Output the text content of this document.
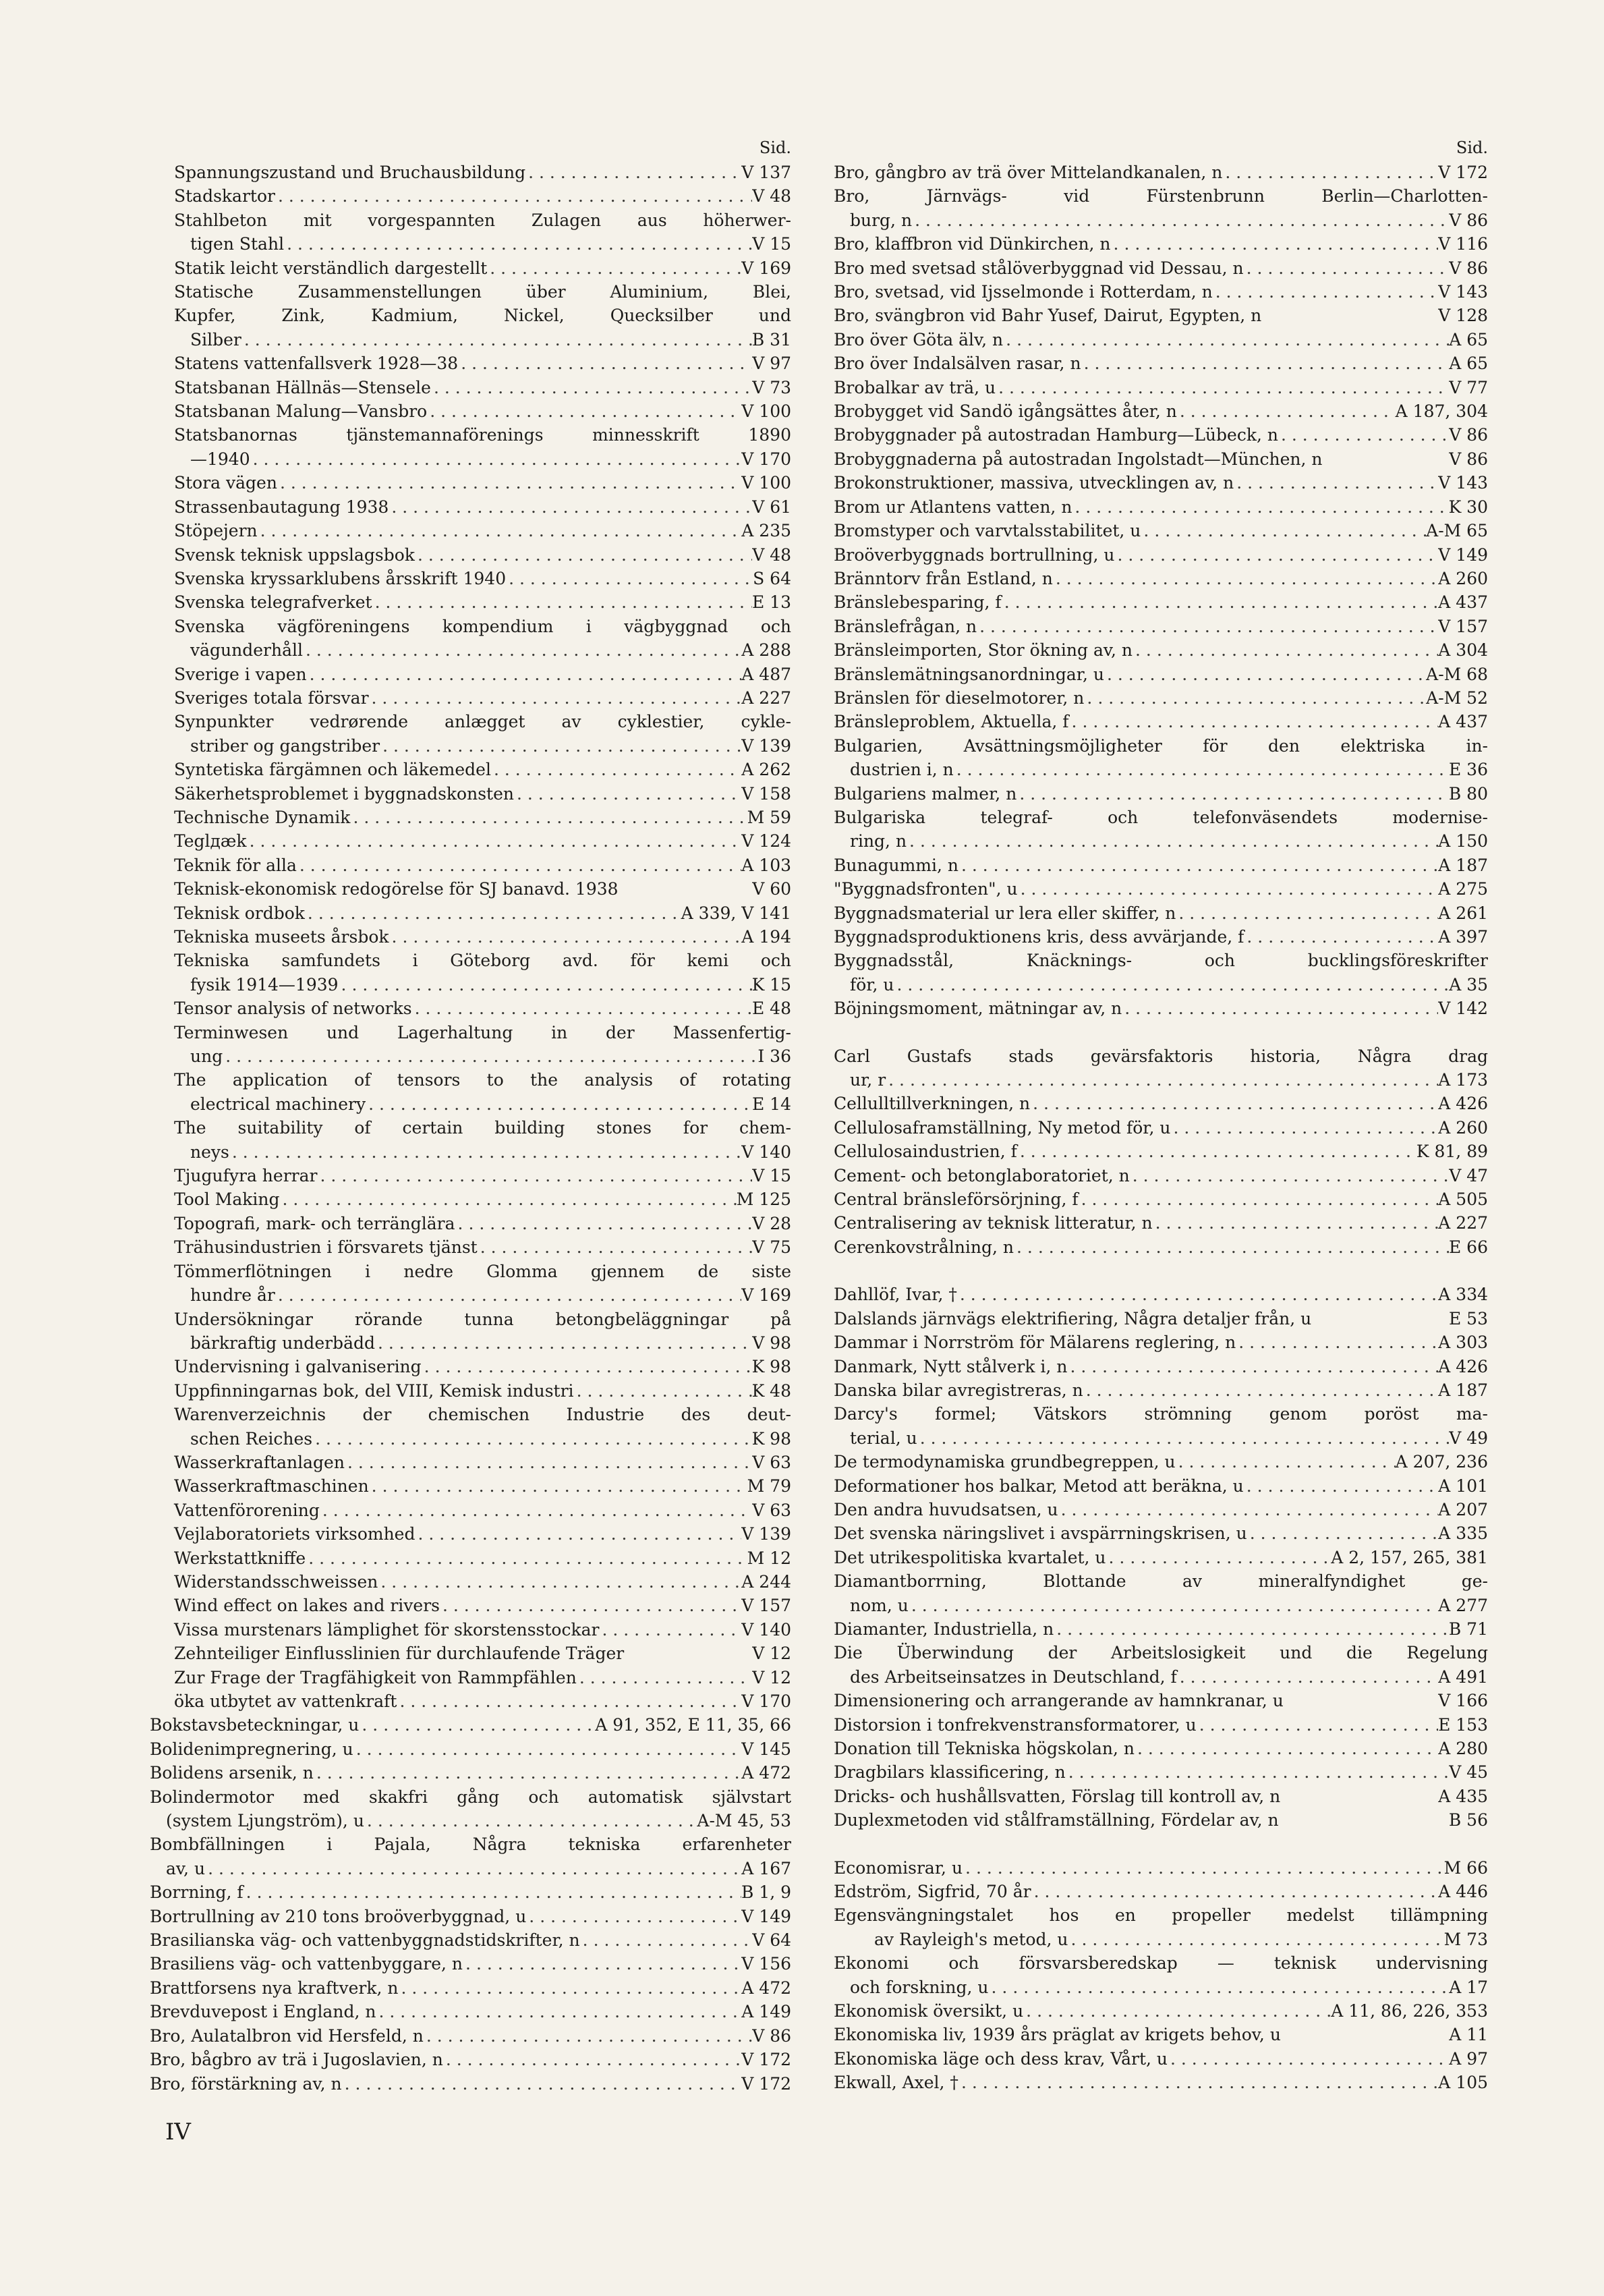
Sid.
Spannungszustand und Bruchausbildung . . .	V 137
Stadskartor . . .	V 48
Stahlbeton mit vorgespannten Zulagen aus höherwer-
tigen Stahl . . .	V 15
Statik leicht verständlich dargestellt . . .	V 169
Statische Zusammenstellungen über Aluminium, Blei,
Kupfer, Zink, Kadmium, Nickel, Quecksilber und
Silber . . .	B 31
Statens vattenfallsverk 1928—38 . . .	V 97
Statsbanan Hällnäs—Stensele . . .	V 73
Statsbanan Malung—Vansbro . . .	V 100
Statsbanornas tjänstemannaförenings minnesskrift 1890
—1940 . . .	V 170
Stora vägen . . .	V 100
Strassenbautagung 1938 . . .	V 61
Stöpejern . . .	A 235
Svensk teknisk uppslagsbok . . .	V 48
Svenska kryssarklubens årsskrift 1940 . . .	S 64
Svenska telegrafverket . . .	E 13
Svenska vägföreningens kompendium i vägbyggnad och
vägunderhåll . . .	A 288
Sverige i vapen . . .	A 487
Sveriges totala försvar . . .	A 227
Synpunkter vedrørende anlægget av cyklestier, cykle-
striber og gangstriber . . .	V 139
Syntetiska färgämnen och läkemedel . . .	A 262
Säkerhetsproblemet i byggnadskonsten . . .	V 158
Technische Dynamik . . .	M 59
Teglдæk . . .	V 124
Teknik för alla . . .	A 103
Teknisk-ekonomisk redogörelse för SJ banavd. 1938	V 60
Teknisk ordbok . . .	A 339, V 141
Tekniska museets årsbok . . .	A 194
Tekniska samfundets i Göteborg avd. för kemi och
fysik 1914—1939 . . .	K 15
Tensor analysis of networks . . .	E 48
Terminwesen und Lagerhaltung in der Massenfertig-
ung . . .	I 36
The application of tensors to the analysis of rotating
electrical machinery . . .	E 14
The suitability of certain building stones for chem-
neys . . .	V 140
Tjugufyra herrar . . .	V 15
Tool Making . . .	M 125
Topografi, mark- och terränglära . . .	V 28
Trähusindustrien i försvarets tjänst . . .	V 75
Tömmerflötningen i nedre Glomma gjennem de siste
hundre år . . .	V 169
Undersökningar rörande tunna betongbeläggningar på
bärkraftig underbädd . . .	V 98
Undervisning i galvanisering . . .	K 98
Uppfinningarnas bok, del VIII, Kemisk industri . . .	K 48
Warenverzeichnis der chemischen Industrie des deut-
schen Reiches . . .	K 98
Wasserkraftanlagen . . .	V 63
Wasserkraftmaschinen . . .	M 79
Vattenförorening . . .	V 63
Vejlaboratoriets virksomhed . . .	V 139
Werkstattkniffe . . .	M 12
Widerstandsschweissen . . .	A 244
Wind effect on lakes and rivers . . .	V 157
Vissa murstenars lämplighet för skorstensstockar . . .	V 140
Zehnteiliger Einflusslinien für durchlaufende Träger	V 12
Zur Frage der Tragfähigkeit von Rammpfählen . . .	V 12
öka utbytet av vattenkraft . . .	V 170
Bokstavsbeteckningar, u . . .	A 91, 352, E 11, 35, 66
Bolidenimpregnering, u . . .	V 145
Bolidens arsenik, n . . .	A 472
Bolindermotor med skakfri gång och automatisk självstart
(system Ljungström), u . . .	A-M 45, 53
Bombfällningen i Pajala, Några tekniska erfarenheter
av, u . . .	A 167
Borrning, f . . .	B 1, 9
Bortrullning av 210 tons broöverbyggnad, u . . .	V 149
Brasilianska väg- och vattenbyggnadstidskrifter, n . . .	V 64
Brasiliens väg- och vattenbyggare, n . . .	V 156
Brattforsens nya kraftverk, n . . .	A 472
Brevduvepost i England, n . . .	A 149
Bro, Aulatalbron vid Hersfeld, n . . .	V 86
Bro, bågbro av trä i Jugoslavien, n . . .	V 172
Bro, förstärkning av, n . . .	V 172
Sid.
Bro, gångbro av trä över Mittelandkanalen, n . . .	V 172
Bro, Järnvägs- vid Fürstenbrunn Berlin—Charlotten-
burg, n . . .	V 86
Bro, klaffbron vid Dünkirchen, n . . .	V 116
Bro med svetsad stålöverbyggnad vid Dessau, n . . .	V 86
Bro, svetsad, vid Ijsselmonde i Rotterdam, n . . .	V 143
Bro, svängbron vid Bahr Yusef, Dairut, Egypten, n	V 128
Bro över Göta älv, n . . .	A 65
Bro över Indalsälven rasar, n . . .	A 65
Brobalkar av trä, u . . .	V 77
Brobygget vid Sandö igångsättes åter, n . . .	A 187, 304
Brobyggnader på autostradan Hamburg—Lübeck, n . . .	V 86
Brobyggnaderna på autostradan Ingolstadt—München, n	V 86
Brokonstruktioner, massiva, utvecklingen av, n . . .	V 143
Brom ur Atlantens vatten, n . . .	K 30
Bromstyper och varvtalsstabilitet, u . . .	A-M 65
Broöverbyggnads bortrullning, u . . .	V 149
Bränntorv från Estland, n . . .	A 260
Bränslebesparing, f . . .	A 437
Bränslefrågan, n . . .	V 157
Bränsleimporten, Stor ökning av, n . . .	A 304
Bränslemätningsanordningar, u . . .	A-M 68
Bränslen för dieselmotorer, n . . .	A-M 52
Bränsleproblem, Aktuella, f . . .	A 437
Bulgarien, Avsättningsmöjligheter för den elektriska in-
dustrien i, n . . .	E 36
Bulgariens malmer, n . . .	B 80
Bulgariska telegraf- och telefonväsendets modernise-
ring, n . . .	A 150
Bunagummi, n . . .	A 187
"Byggnadsfronten", u . . .	A 275
Byggnadsmaterial ur lera eller skiffer, n . . .	A 261
Byggnadsproduktionens kris, dess avvärjande, f . . .	A 397
Byggnadsstål, Knäcknings- och bucklingsföreskrifter
för, u . . .	A 35
Böjningsmoment, mätningar av, n . . .	V 142
Carl Gustafs stads gevärsfaktoris historia, Några drag
ur, r . . .	A 173
Cellulltillverkningen, n . . .	A 426
Cellulosaframställning, Ny metod för, u . . .	A 260
Cellulosaindustrien, f . . .	K 81, 89
Cement- och betonglaboratoriet, n . . .	V 47
Central bränsleförsörjning, f . . .	A 505
Centralisering av teknisk litteratur, n . . .	A 227
Cerenkovstrålning, n . . .	E 66
Dahllöf, Ivar, † . . .	A 334
Dalslands järnvägs elektrifiering, Några detaljer från, u	E 53
Dammar i Norrström för Mälarens reglering, n . . .	A 303
Danmark, Nytt stålverk i, n . . .	A 426
Danska bilar avregistreras, n . . .	A 187
Darcy's formel; Vätskors strömning genom poröst ma-
terial, u . . .	V 49
De termodynamiska grundbegreppen, u . . .	A 207, 236
Deformationer hos balkar, Metod att beräkna, u . . .	A 101
Den andra huvudsatsen, u . . .	A 207
Det svenska näringslivet i avspärrningskrisen, u . . .	A 335
Det utrikespolitiska kvartalet, u . . .	A 2, 157, 265, 381
Diamantborrning, Blottande av mineralfyndighet ge-
nom, u . . .	A 277
Diamanter, Industriella, n . . .	B 71
Die Überwindung der Arbeitslosigkeit und die Regelung
des Arbeitseinsatzes in Deutschland, f . . .	A 491
Dimensionering och arrangerande av hamnkranar, u	V 166
Distorsion i tonfrekvenstransformatorer, u . . .	E 153
Donation till Tekniska högskolan, n . . .	A 280
Dragbilars klassificering, n . . .	V 45
Dricks- och hushållsvatten, Förslag till kontroll av, n	A 435
Duplexmetoden vid stålframställning, Fördelar av, n	B 56
Economisrar, u . . .	M 66
Edström, Sigfrid, 70 år . . .	A 446
Egensvängningstalet hos en propeller medelst tillämpning
av Rayleigh's metod, u . . .	M 73
Ekonomi och försvarsberedskap — teknisk undervisning
och forskning, u . . .	A 17
Ekonomisk översikt, u . . .	A 11, 86, 226, 353
Ekonomiska liv, 1939 års präglat av krigets behov, u	A 11
Ekonomiska läge och dess krav, Vårt, u . . .	A 97
Ekwall, Axel, † . . .	A 105
IV
